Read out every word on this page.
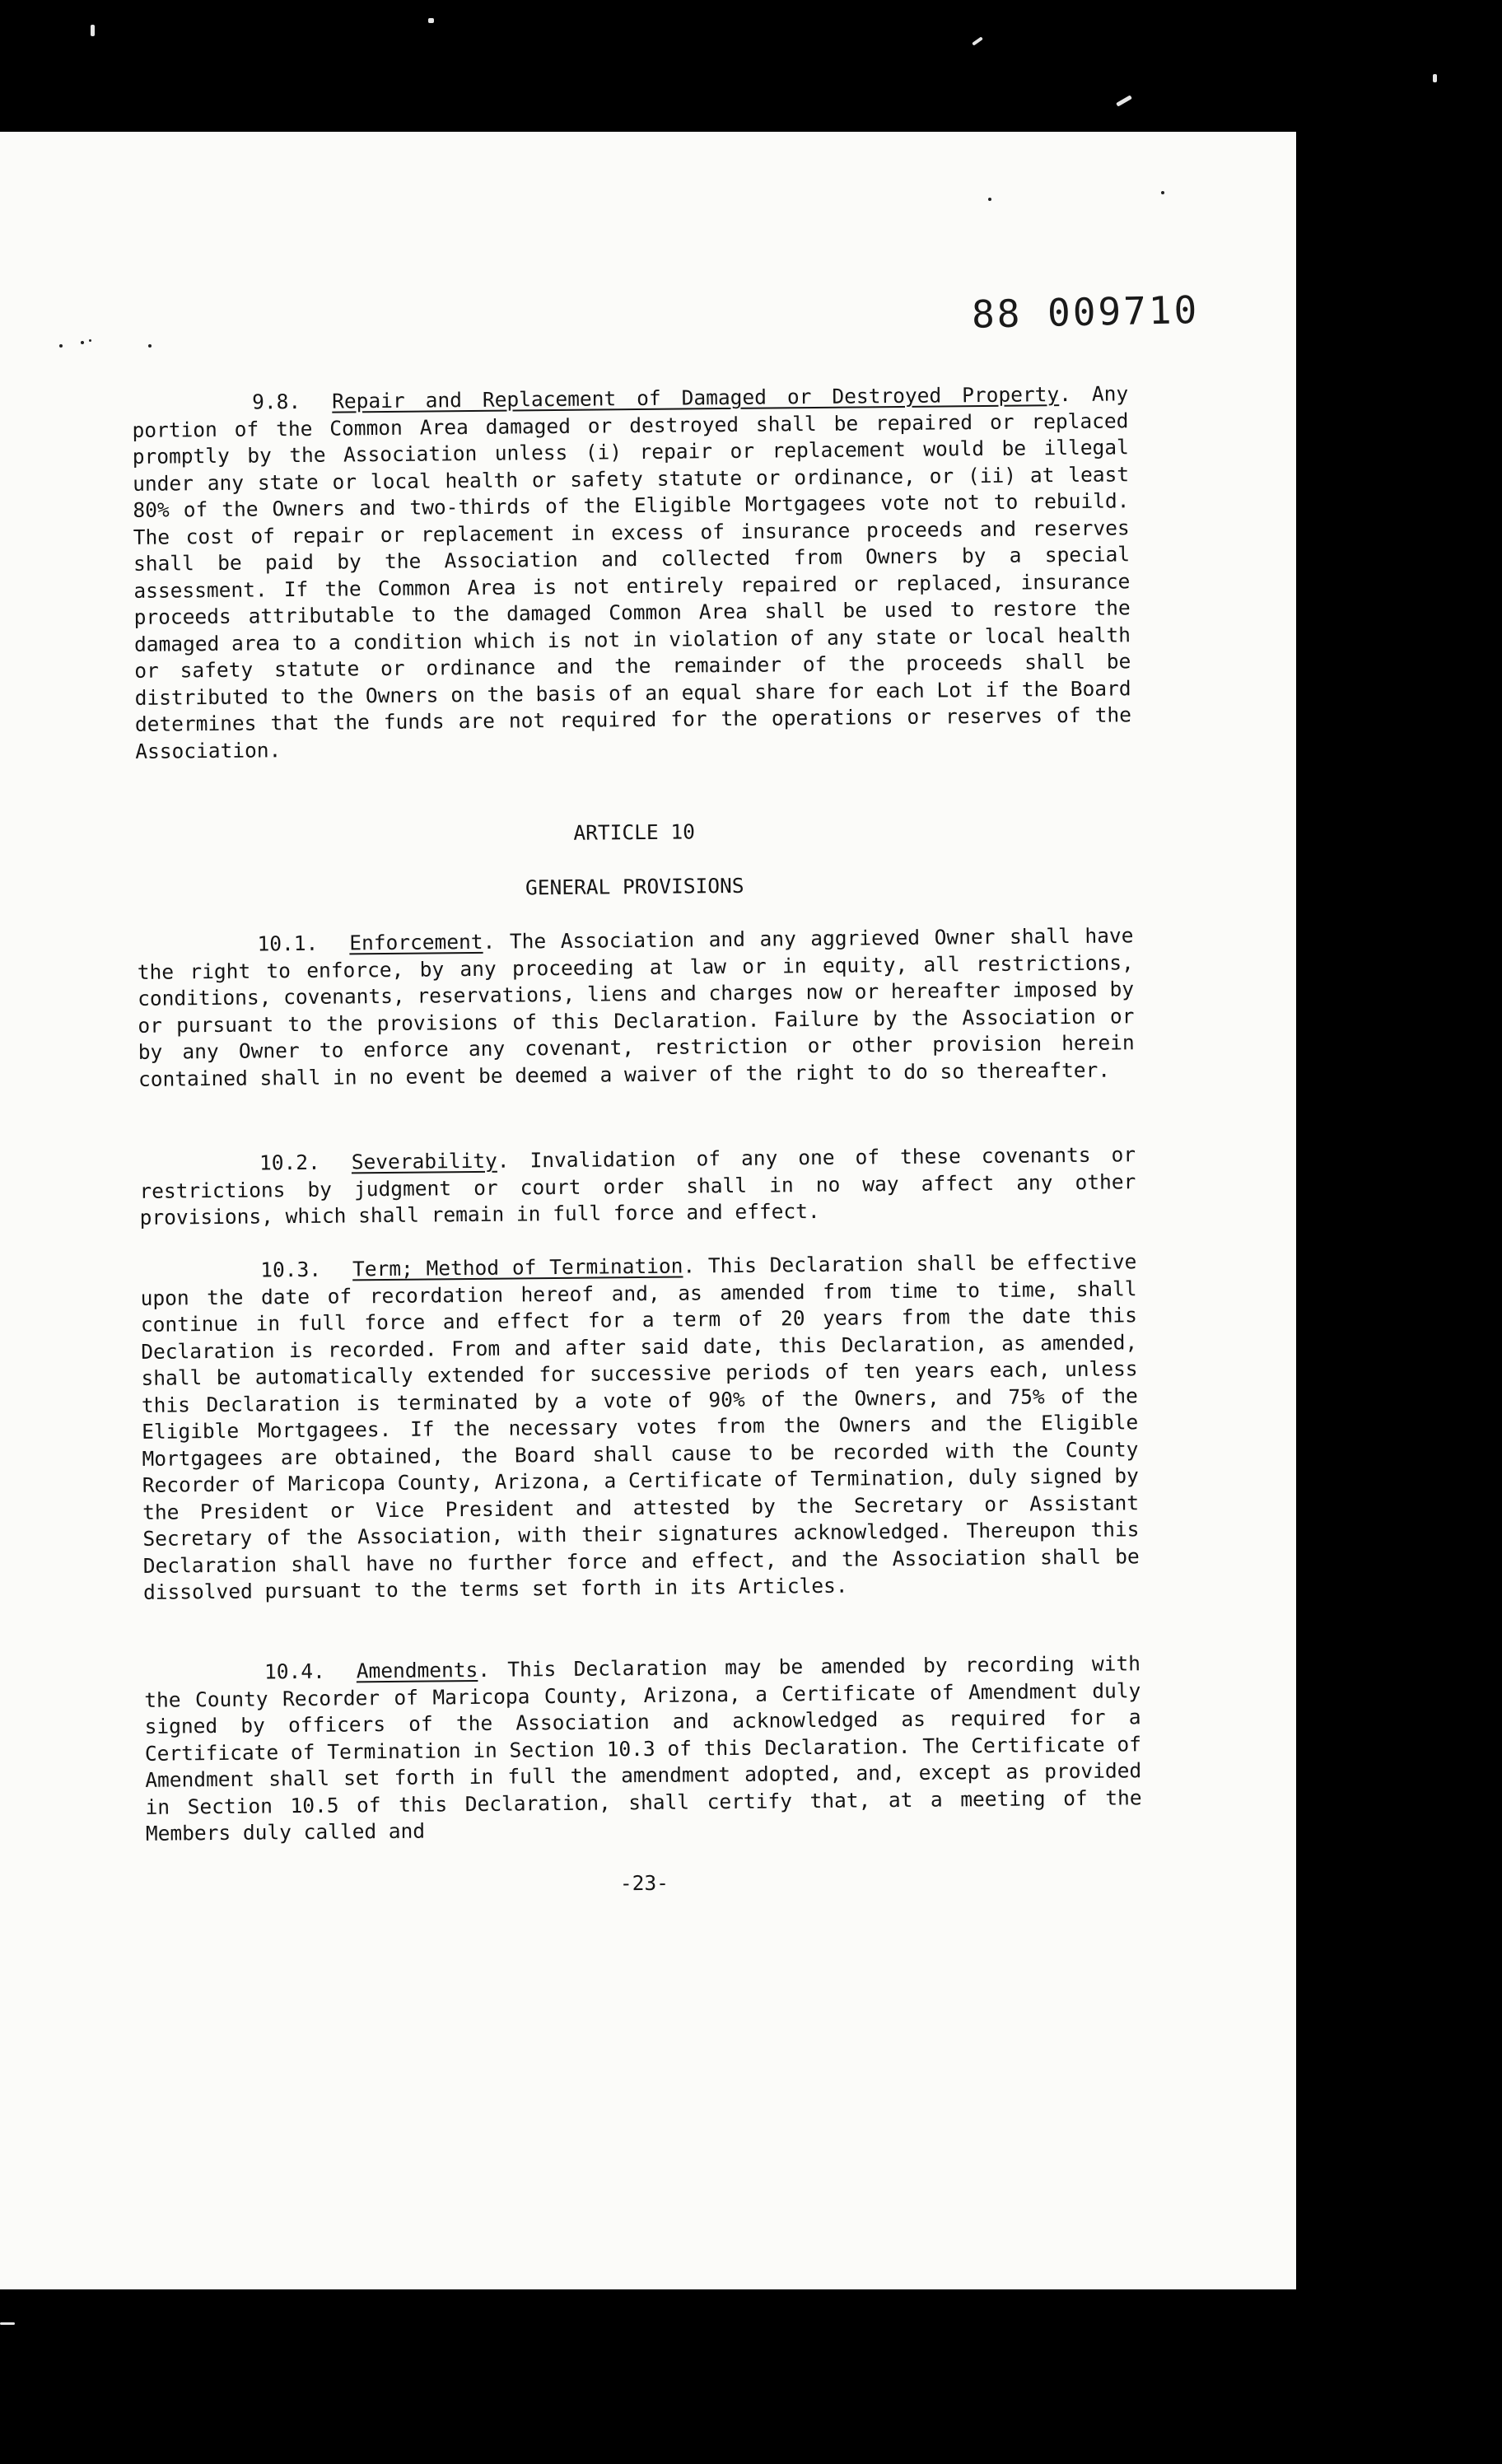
88 009710

9.8. Repair and Replacement of Damaged or Destroyed Property. Any portion of the Common Area damaged or destroyed shall be repaired or replaced promptly by the Association unless (i) repair or replacement would be illegal under any state or local health or safety statute or ordinance, or (ii) at least 80% of the Owners and two-thirds of the Eligible Mortgagees vote not to rebuild. The cost of repair or replacement in excess of insurance proceeds and reserves shall be paid by the Association and collected from Owners by a special assessment. If the Common Area is not entirely repaired or replaced, insurance proceeds attributable to the damaged Common Area shall be used to restore the damaged area to a condition which is not in violation of any state or local health or safety statute or ordinance and the remainder of the proceeds shall be distributed to the Owners on the basis of an equal share for each Lot if the Board determines that the funds are not required for the operations or reserves of the Association.

ARTICLE 10
GENERAL PROVISIONS

10.1. Enforcement. The Association and any aggrieved Owner shall have the right to enforce, by any proceeding at law or in equity, all restrictions, conditions, covenants, reservations, liens and charges now or hereafter imposed by or pursuant to the provisions of this Declaration. Failure by the Association or by any Owner to enforce any covenant, restriction or other provision herein contained shall in no event be deemed a waiver of the right to do so thereafter.

10.2. Severability. Invalidation of any one of these covenants or restrictions by judgment or court order shall in no way affect any other provisions, which shall remain in full force and effect.

10.3. Term; Method of Termination. This Declaration shall be effective upon the date of recordation hereof and, as amended from time to time, shall continue in full force and effect for a term of 20 years from the date this Declaration is recorded. From and after said date, this Declaration, as amended, shall be automatically extended for successive periods of ten years each, unless this Declaration is terminated by a vote of 90% of the Owners, and 75% of the Eligible Mortgagees. If the necessary votes from the Owners and the Eligible Mortgagees are obtained, the Board shall cause to be recorded with the County Recorder of Maricopa County, Arizona, a Certificate of Termination, duly signed by the President or Vice President and attested by the Secretary or Assistant Secretary of the Association, with their signatures acknowledged. Thereupon this Declaration shall have no further force and effect, and the Association shall be dissolved pursuant to the terms set forth in its Articles.

10.4. Amendments. This Declaration may be amended by recording with the County Recorder of Maricopa County, Arizona, a Certificate of Amendment duly signed by officers of the Association and acknowledged as required for a Certificate of Termination in Section 10.3 of this Declaration. The Certificate of Amendment shall set forth in full the amendment adopted, and, except as provided in Section 10.5 of this Declaration, shall certify that, at a meeting of the Members duly called and

-23-
